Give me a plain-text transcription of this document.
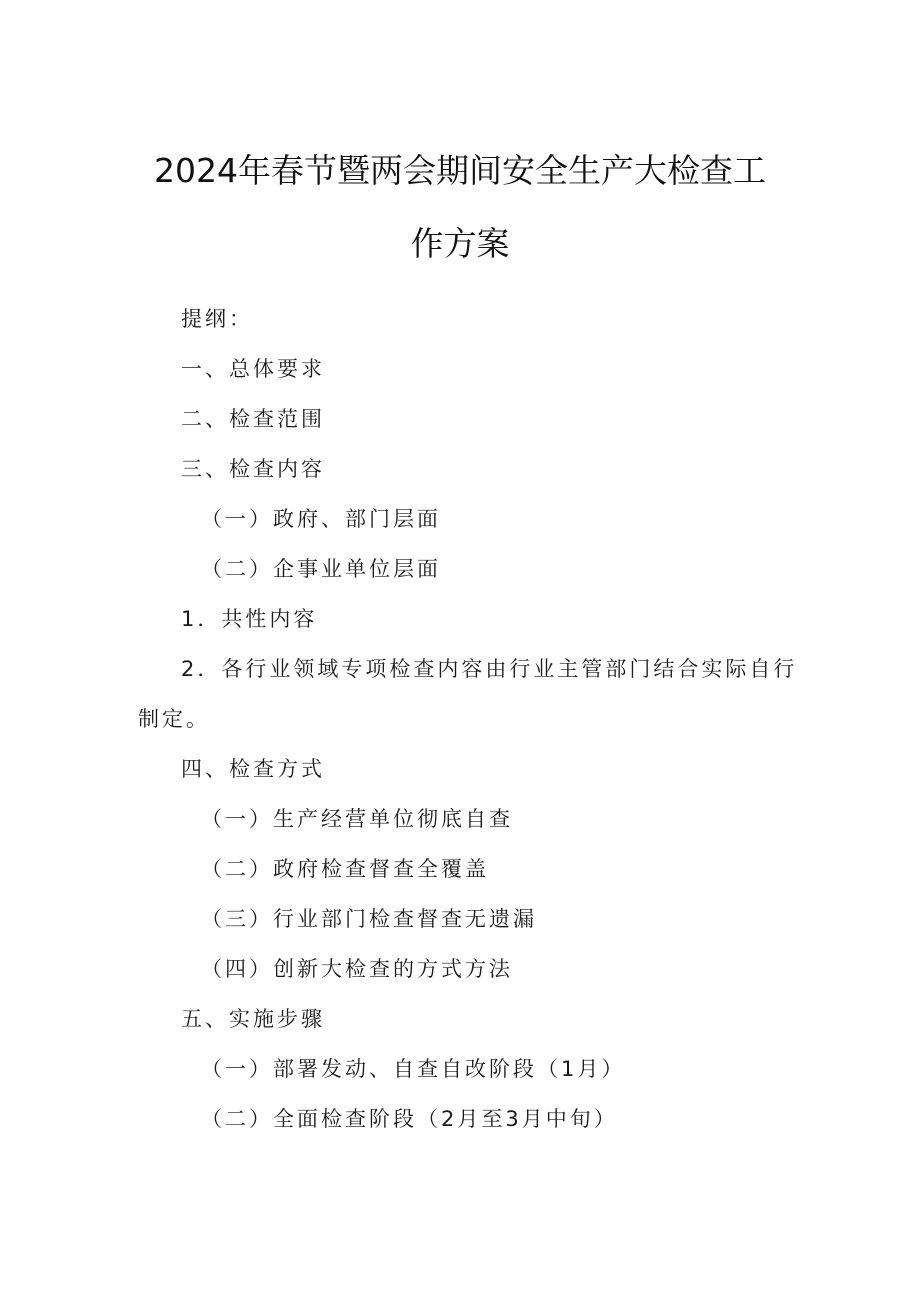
2024年春节暨两会期间安全生产大检查工
作方案
提纲：
一、总体要求
二、检查范围
三、检查内容
（一）政府、部门层面
（二）企事业单位层面
1．共性内容
2．各行业领域专项检查内容由行业主管部门结合实际自行
制定。
四、检查方式
（一）生产经营单位彻底自查
（二）政府检查督查全覆盖
（三）行业部门检查督查无遗漏
（四）创新大检查的方式方法
五、实施步骤
（一）部署发动、自查自改阶段（1月）
（二）全面检查阶段（2月至3月中旬）
